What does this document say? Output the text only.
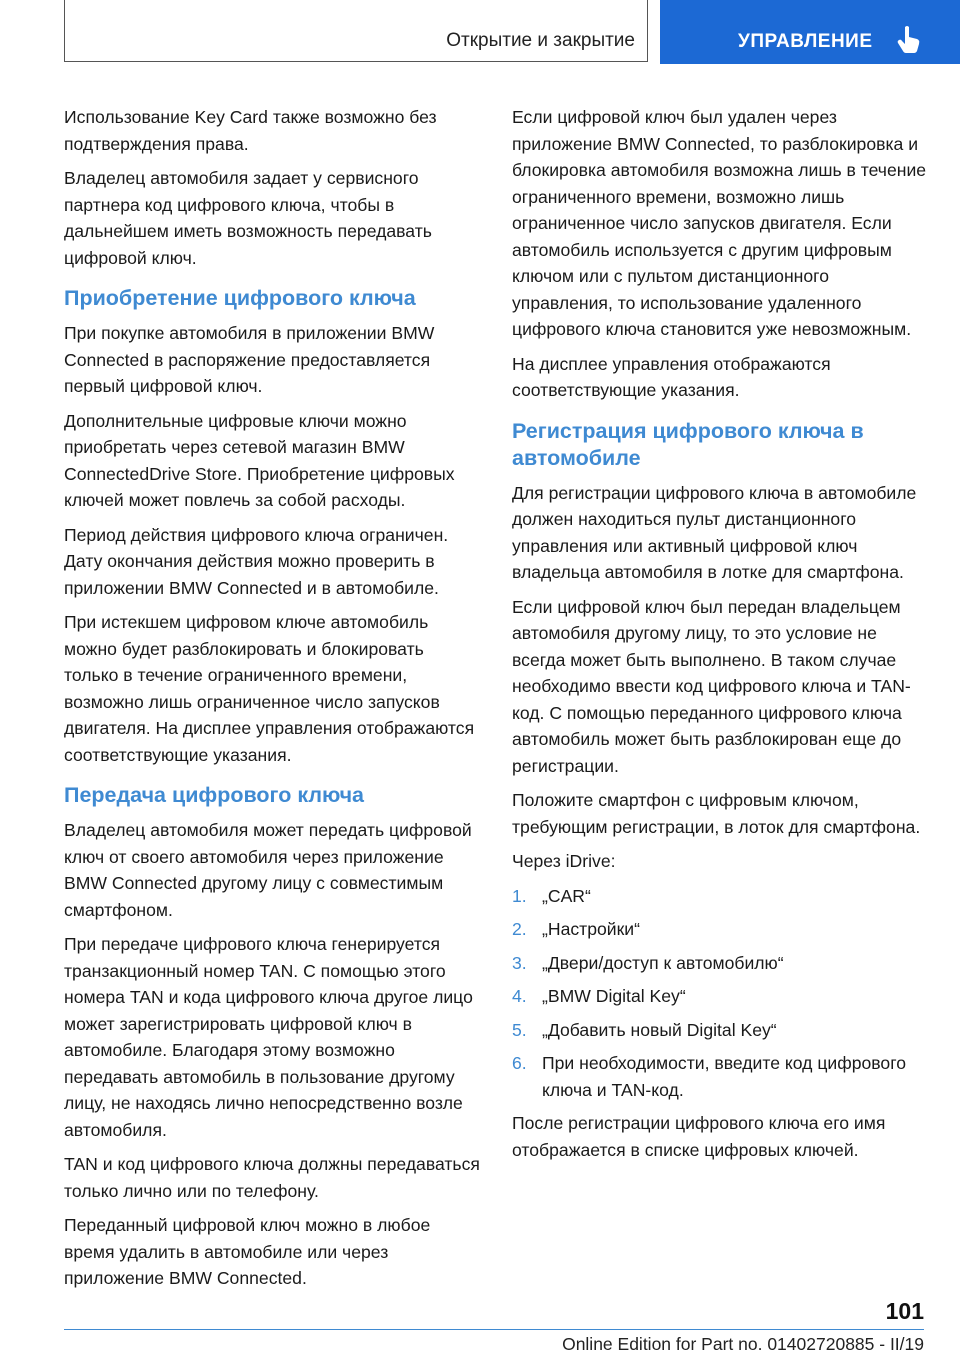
Открытие и закрытие	УПРАВЛЕНИЕ

Использование Key Card также возможно без подтверждения права.

Владелец автомобиля задает у сервисного партнера код цифрового ключа, чтобы в дальнейшем иметь возможность передавать цифровой ключ.

Приобретение цифрового ключа

При покупке автомобиля в приложении BMW Connected в распоряжение предоставляется первый цифровой ключ.

Дополнительные цифровые ключи можно приобретать через сетевой магазин BMW ConnectedDrive Store. Приобретение цифровых ключей может повлечь за собой расходы.

Период действия цифрового ключа ограничен. Дату окончания действия можно проверить в приложении BMW Connected и в автомобиле.

При истекшем цифровом ключе автомобиль можно будет разблокировать и блокировать только в течение ограниченного времени, возможно лишь ограниченное число запусков двигателя. На дисплее управления отображаются соответствующие указания.

Передача цифрового ключа

Владелец автомобиля может передать цифровой ключ от своего автомобиля через приложение BMW Connected другому лицу с совместимым смартфоном.

При передаче цифрового ключа генерируется транзакционный номер TAN. С помощью этого номера TAN и кода цифрового ключа другое лицо может зарегистрировать цифровой ключ в автомобиле. Благодаря этому возможно передавать автомобиль в пользование другому лицу, не находясь лично непосредственно возле автомобиля.

TAN и код цифрового ключа должны передаваться только лично или по телефону.

Переданный цифровой ключ можно в любое время удалить в автомобиле или через приложение BMW Connected.

Если цифровой ключ был удален через приложение BMW Connected, то разблокировка и блокировка автомобиля возможна лишь в течение ограниченного времени, возможно лишь ограниченное число запусков двигателя. Если автомобиль используется с другим цифровым ключом или с пультом дистанционного управления, то использование удаленного цифрового ключа становится уже невозможным.

На дисплее управления отображаются соответствующие указания.

Регистрация цифрового ключа в автомобиле

Для регистрации цифрового ключа в автомобиле должен находиться пульт дистанционного управления или активный цифровой ключ владельца автомобиля в лотке для смартфона.

Если цифровой ключ был передан владельцем автомобиля другому лицу, то это условие не всегда может быть выполнено. В таком случае необходимо ввести код цифрового ключа и TAN-код. С помощью переданного цифрового ключа автомобиль может быть разблокирован еще до регистрации.

Положите смартфон с цифровым ключом, требующим регистрации, в лоток для смартфона.

Через iDrive:

1. „CAR“
2. „Настройки“
3. „Двери/доступ к автомобилю“
4. „BMW Digital Key“
5. „Добавить новый Digital Key“
6. При необходимости, введите код цифрового ключа и TAN-код.

После регистрации цифрового ключа его имя отображается в списке цифровых ключей.

101
Online Edition for Part no. 01402720885 - II/19
